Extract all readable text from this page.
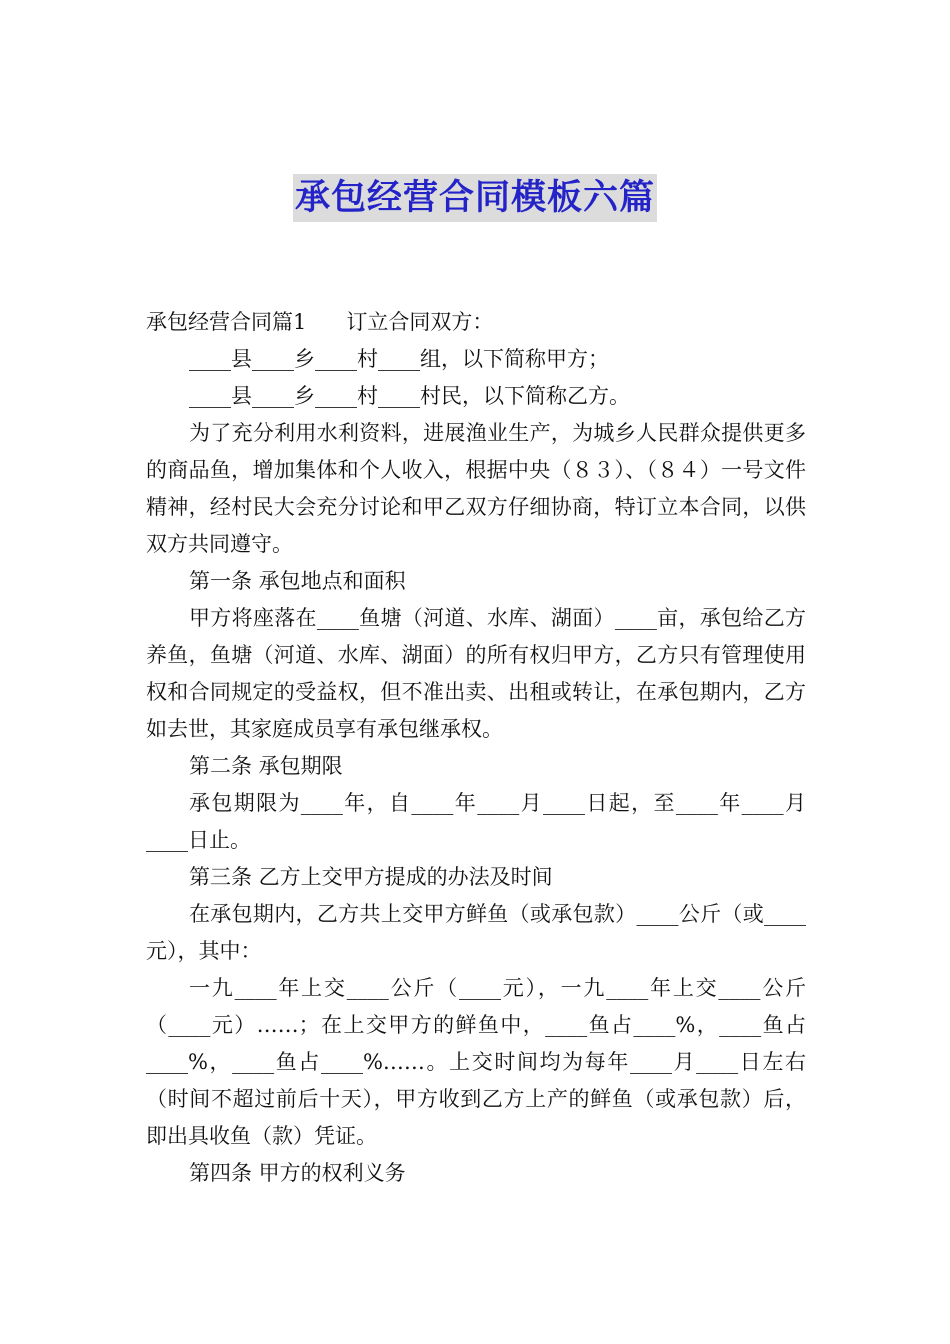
承包经营合同模板六篇

承包经营合同篇1 订立合同双方：

____县____乡____村____组，以下简称甲方；

____县____乡____村____村民，以下简称乙方。

为了充分利用水利资料，进展渔业生产，为城乡人民群众提供更多的商品鱼，增加集体和个人收入，根据中央（８３）、（８４）一号文件精神，经村民大会充分讨论和甲乙双方仔细协商，特订立本合同，以供双方共同遵守。

第一条 承包地点和面积

甲方将座落在____鱼塘（河道、水库、湖面）____亩，承包给乙方养鱼，鱼塘（河道、水库、湖面）的所有权归甲方，乙方只有管理使用权和合同规定的受益权，但不准出卖、出租或转让，在承包期内，乙方如去世，其家庭成员享有承包继承权。

第二条 承包期限

承包期限为____年，自____年____月____日起，至____年____月____日止。

第三条 乙方上交甲方提成的办法及时间

在承包期内，乙方共上交甲方鲜鱼（或承包款）____公斤（或____元），其中：

一九____年上交____公斤（____元），一九____年上交____公斤（____元）……；在上交甲方的鲜鱼中，____鱼占____%，____鱼占____%，____鱼占____%……。上交时间均为每年____月____日左右（时间不超过前后十天），甲方收到乙方上产的鲜鱼（或承包款）后，即出具收鱼（款）凭证。

第四条 甲方的权利义务
